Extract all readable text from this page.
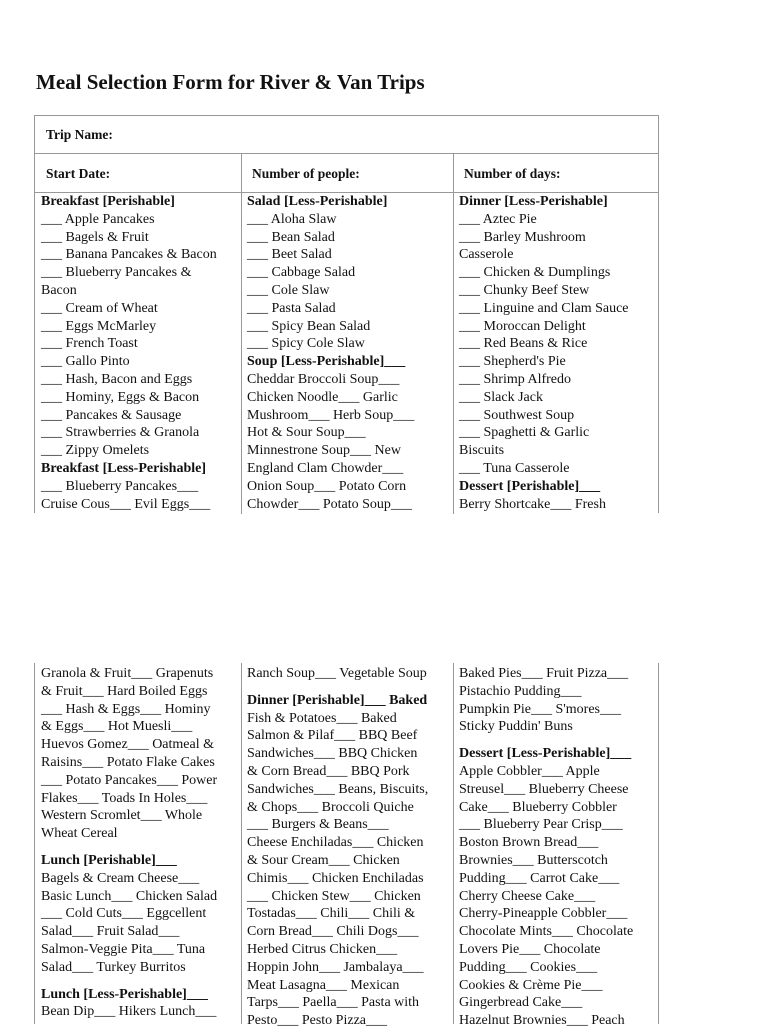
Meal Selection Form for River & Van Trips
Trip Name:
Start Date:	Number of people:	Number of days:
Breakfast [Perishable]
___ Apple Pancakes
___ Bagels & Fruit
___ Banana Pancakes & Bacon
___ Blueberry Pancakes &
Bacon
___ Cream of Wheat
___ Eggs McMarley
___ French Toast
___ Gallo Pinto
___ Hash, Bacon and Eggs
___ Hominy, Eggs & Bacon
___ Pancakes & Sausage
___ Strawberries & Granola
___ Zippy Omelets
Breakfast [Less-Perishable]
___ Blueberry Pancakes___
Cruise Cous___ Evil Eggs___
Salad [Less-Perishable]
___ Aloha Slaw
___ Bean Salad
___ Beet Salad
___ Cabbage Salad
___ Cole Slaw
___ Pasta Salad
___ Spicy Bean Salad
___ Spicy Cole Slaw
Soup [Less-Perishable]___
Cheddar Broccoli Soup___
Chicken Noodle___ Garlic
Mushroom___ Herb Soup___
Hot & Sour Soup___
Minnestrone Soup___ New
England Clam Chowder___
Onion Soup___ Potato Corn
Chowder___ Potato Soup___
Dinner [Less-Perishable]
___ Aztec Pie
___ Barley Mushroom
Casserole
___ Chicken & Dumplings
___ Chunky Beef Stew
___ Linguine and Clam Sauce
___ Moroccan Delight
___ Red Beans & Rice
___ Shepherd's Pie
___ Shrimp Alfredo
___ Slack Jack
___ Southwest Soup
___ Spaghetti & Garlic
Biscuits
___ Tuna Casserole
Dessert [Perishable]___
Berry Shortcake___ Fresh
Granola & Fruit___ Grapenuts
& Fruit___ Hard Boiled Eggs
___ Hash & Eggs___ Hominy
& Eggs___ Hot Muesli___
Huevos Gomez___ Oatmeal &
Raisins___ Potato Flake Cakes
___ Potato Pancakes___ Power
Flakes___ Toads In Holes___
Western Scromlet___ Whole
Wheat Cereal
Lunch [Perishable]___
Bagels & Cream Cheese___
Basic Lunch___ Chicken Salad
___ Cold Cuts___ Eggcellent
Salad___ Fruit Salad___
Salmon-Veggie Pita___ Tuna
Salad___ Turkey Burritos
Lunch [Less-Perishable]___
Bean Dip___ Hikers Lunch___
Ranch Soup___ Vegetable Soup
Dinner [Perishable]___ Baked
Fish & Potatoes___ Baked
Salmon & Pilaf___ BBQ Beef
Sandwiches___ BBQ Chicken
& Corn Bread___ BBQ Pork
Sandwiches___ Beans, Biscuits,
& Chops___ Broccoli Quiche
___ Burgers & Beans___
Cheese Enchiladas___ Chicken
& Sour Cream___ Chicken
Chimis___ Chicken Enchiladas
___ Chicken Stew___ Chicken
Tostadas___ Chili___ Chili &
Corn Bread___ Chili Dogs___
Herbed Citrus Chicken___
Hoppin John___ Jambalaya___
Meat Lasagna___ Mexican
Tarps___ Paella___ Pasta with
Pesto___ Pesto Pizza___
Baked Pies___ Fruit Pizza___
Pistachio Pudding___
Pumpkin Pie___ S'mores___
Sticky Puddin' Buns
Dessert [Less-Perishable]___
Apple Cobbler___ Apple
Streusel___ Blueberry Cheese
Cake___ Blueberry Cobbler
___ Blueberry Pear Crisp___
Boston Brown Bread___
Brownies___ Butterscotch
Pudding___ Carrot Cake___
Cherry Cheese Cake___
Cherry-Pineapple Cobbler___
Chocolate Mints___ Chocolate
Lovers Pie___ Chocolate
Pudding___ Cookies___
Cookies & Crème Pie___
Gingerbread Cake___
Hazelnut Brownies___ Peach
